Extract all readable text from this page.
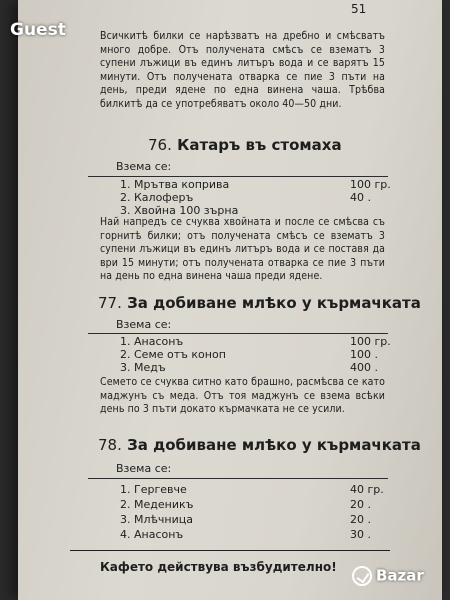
51
Всичкитѣ билки се нарѣзватъ на дребно и смѣсватъ много добре. Отъ получената смѣсъ се взематъ 3 супени лъжици въ единъ литъръ вода и се варятъ 15 минути. Отъ получената отварка се пие 3 пъти на день, преди ядене по една винена чаша. Трѣбва билкитѣ да се употребяватъ около 40—50 дни.
76. Катаръ въ стомаха
Взема се:
1. Мрътва коприва	100 гр.
2. Калоферъ	40 .
3. Хвойна 100 зърна
Най напредъ се счуква хвойната и после се смѣсва съ горнитѣ билки; отъ получената смѣсъ се взематъ 3 супени лъжици въ единъ литъръ вода и се поставя да ври 15 минути; отъ получената отварка се пие 3 пъти на день по една винена чаша преди ядене.
77. За добиване млѣко у кърмачката
Взема се:
1. Анасонъ	100 гр.
2. Семе отъ коноп	100 .
3. Медъ	400 .
Семето се счуква ситно като брашно, расмѣсва се като маджунъ съ меда. Отъ тоя маджунъ се взема всѣки день по 3 пъти докато кърмачката не се усили.
78. За добиване млѣко у кърмачката
Взема се:
1. Гергевче	40 гр.
2. Меденикъ	20 .
3. Млѣчница	20 .
4. Анасонъ	30 .
Кафето действува възбудително!
Guest
Bazar
